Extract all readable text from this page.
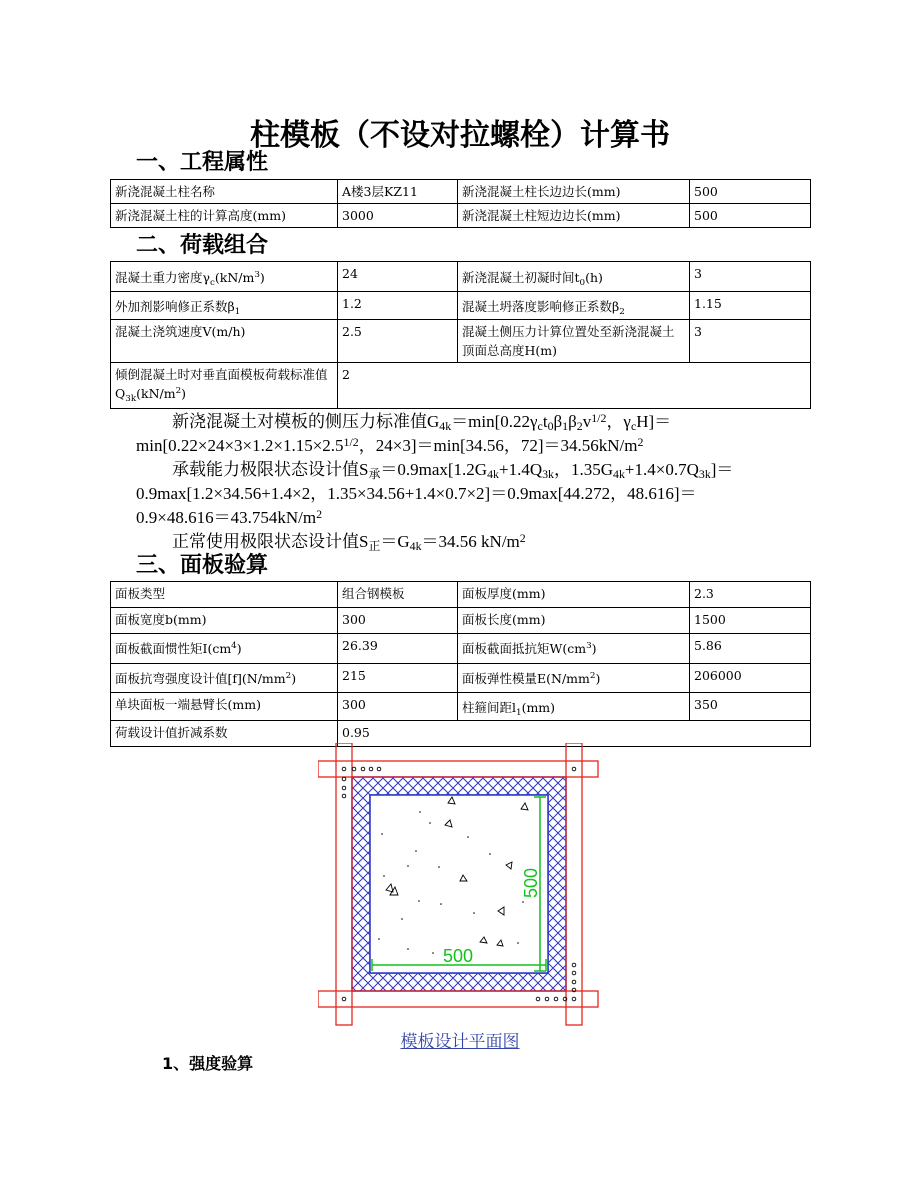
柱模板（不设对拉螺栓）计算书
一、工程属性
新浇混凝土柱名称	A楼3层KZ11	新浇混凝土柱长边边长(mm)	500
新浇混凝土柱的计算高度(mm)	3000	新浇混凝土柱短边边长(mm)	500
二、荷载组合
混凝土重力密度$\gamma_c(kN/m^3)$	24	新浇混凝土初凝时间$t_0(h)$	3
外加剂影响修正系数$\beta_1$	1.2	混凝土坍落度影响修正系数$\beta_2$	1.15
混凝土浇筑速度V(m/h)	2.5	混凝土侧压力计算位置处至新浇混凝土顶面总高度H(m)	3
倾倒混凝土时对垂直面模板荷载标准值$Q_{3k}(kN/m^2)$	2		
新浇混凝土对模板的侧压力标准值$G_{4k}=\min[0.22\gamma_ct_0\beta_1\beta_2v^{1/2}$，$\gamma_cH]=$
$\min[0.22\times 24\times 3\times 1.2\times 1.15\times 2.5^{1/2}$，24×3]＝min[34.56，$72]=34.56kN/m^2$
承载能力极限状态设计值$S_承=0.9\max[1.2G_{4k}+1.4Q_{3k}$，$1.35G_{4k}+1.4\times 0.7Q_{3k}]=$
0.9max[1.2×34.56+1.4×2，1.35×34.56+1.4×0.7×2]＝0.9max[44.272，48.616]＝
$0.9\times 48.616=43.754kN/m^2$
正常使用极限状态设计值$S_正=G_{4k}=34.56$ $kN/m^2$
三、面板验算
面板类型	组合钢模板	面板厚度(mm)	2.3
面板宽度b(mm)	300	面板长度(mm)	1500
面板截面惯性矩$I(cm^4)$	26.39	面板截面抵抗矩$W(cm^3)$	5.86
面板抗弯强度设计值$[f](N/mm^2)$	215	面板弹性模量$E(N/mm^2)$	206000
单块面板一端悬臂长(mm)	300	柱箍间距$l_1(mm)$	350
荷载设计值折减系数	0.95		
500
500
模板设计平面图
1、强度验算
